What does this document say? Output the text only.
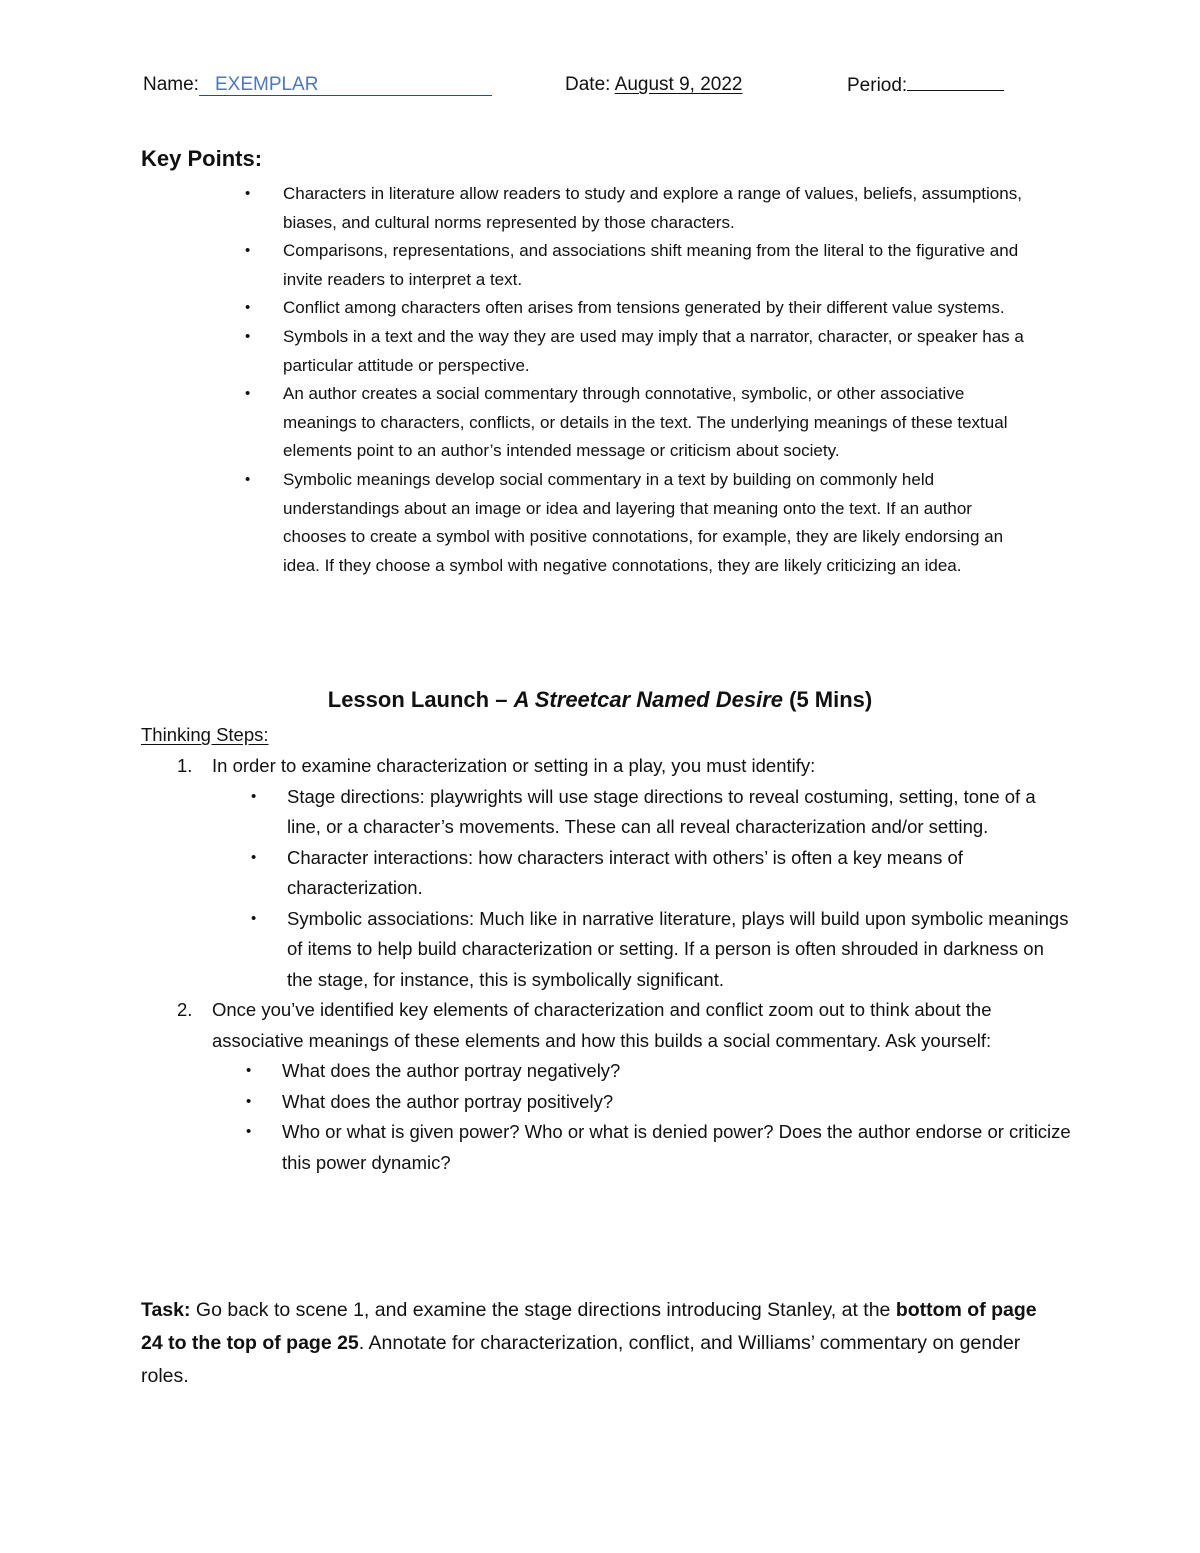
Name: EXEMPLAR	Date: August 9, 2022	Period:
Key Points:
• Characters in literature allow readers to study and explore a range of values, beliefs, assumptions, biases, and cultural norms represented by those characters.
• Comparisons, representations, and associations shift meaning from the literal to the figurative and invite readers to interpret a text.
• Conflict among characters often arises from tensions generated by their different value systems.
• Symbols in a text and the way they are used may imply that a narrator, character, or speaker has a particular attitude or perspective.
• An author creates a social commentary through connotative, symbolic, or other associative meanings to characters, conflicts, or details in the text. The underlying meanings of these textual elements point to an author’s intended message or criticism about society.
• Symbolic meanings develop social commentary in a text by building on commonly held understandings about an image or idea and layering that meaning onto the text. If an author chooses to create a symbol with positive connotations, for example, they are likely endorsing an idea. If they choose a symbol with negative connotations, they are likely criticizing an idea.
Lesson Launch – A Streetcar Named Desire (5 Mins)
Thinking Steps:
1. In order to examine characterization or setting in a play, you must identify:
• Stage directions: playwrights will use stage directions to reveal costuming, setting, tone of a line, or a character’s movements. These can all reveal characterization and/or setting.
• Character interactions: how characters interact with others’ is often a key means of characterization.
• Symbolic associations: Much like in narrative literature, plays will build upon symbolic meanings of items to help build characterization or setting. If a person is often shrouded in darkness on the stage, for instance, this is symbolically significant.
2. Once you’ve identified key elements of characterization and conflict zoom out to think about the associative meanings of these elements and how this builds a social commentary. Ask yourself:
• What does the author portray negatively?
• What does the author portray positively?
• Who or what is given power? Who or what is denied power? Does the author endorse or criticize this power dynamic?
Task: Go back to scene 1, and examine the stage directions introducing Stanley, at the bottom of page 24 to the top of page 25. Annotate for characterization, conflict, and Williams’ commentary on gender roles.
